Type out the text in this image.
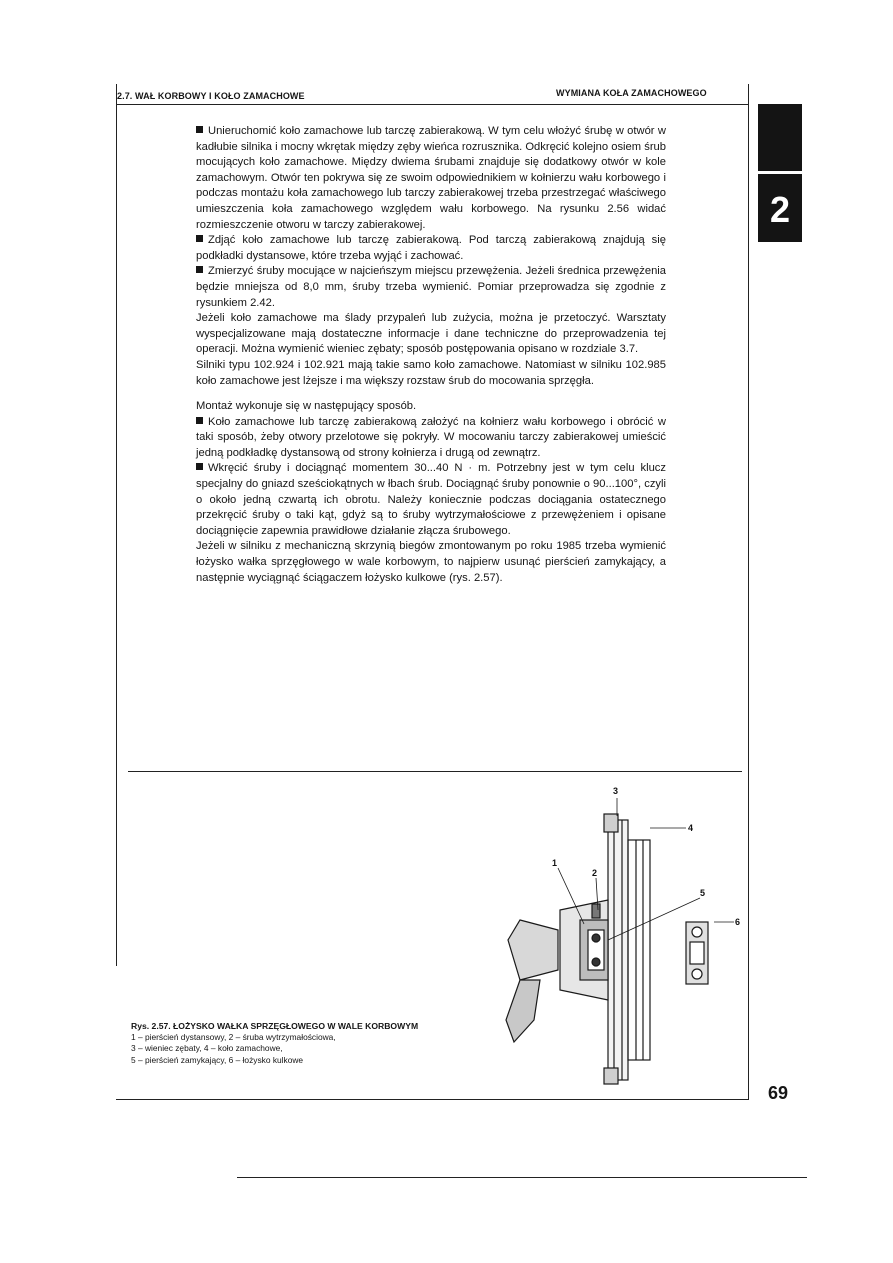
2.7. WAŁ KORBOWY I KOŁO ZAMACHOWE	WYMIANA KOŁA ZAMACHOWEGO
2

Unieruchomić koło zamachowe lub tarczę zabierakową. W tym celu włożyć śrubę w otwór w kadłubie silnika i mocny wkrętak między zęby wieńca rozrusznika. Odkręcić kolejno osiem śrub mocujących koło zamachowe. Między dwiema śrubami znajduje się dodatkowy otwór w kole zamachowym. Otwór ten pokrywa się ze swoim odpowiednikiem w kołnierzu wału korbowego i podczas montażu koła zamachowego lub tarczy zabierakowej trzeba przestrzegać właściwego umieszczenia koła zamachowego względem wału korbowego. Na rysunku 2.56 widać rozmieszczenie otworu w tarczy zabierakowej.

Zdjąć koło zamachowe lub tarczę zabierakową. Pod tarczą zabierakową znajdują się podkładki dystansowe, które trzeba wyjąć i zachować.

Zmierzyć śruby mocujące w najcieńszym miejscu przewężenia. Jeżeli średnica przewężenia będzie mniejsza od 8,0 mm, śruby trzeba wymienić. Pomiar przeprowadza się zgodnie z rysunkiem 2.42.

Jeżeli koło zamachowe ma ślady przypaleń lub zużycia, można je przetoczyć. Warsztaty wyspecjalizowane mają dostateczne informacje i dane techniczne do przeprowadzenia tej operacji. Można wymienić wieniec zębaty; sposób postępowania opisano w rozdziale 3.7.

Silniki typu 102.924 i 102.921 mają takie samo koło zamachowe. Natomiast w silniku 102.985 koło zamachowe jest lżejsze i ma większy rozstaw śrub do mocowania sprzęgła.

Montaż wykonuje się w następujący sposób.

Koło zamachowe lub tarczę zabierakową założyć na kołnierz wału korbowego i obrócić w taki sposób, żeby otwory przelotowe się pokryły. W mocowaniu tarczy zabierakowej umieścić jedną podkładkę dystansową od strony kołnierza i drugą od zewnątrz.

Wkręcić śruby i dociągnąć momentem 30...40 N · m. Potrzebny jest w tym celu klucz specjalny do gniazd sześciokątnych w łbach śrub. Dociągnąć śruby ponownie o 90...100°, czyli o około jedną czwartą ich obrotu. Należy koniecznie podczas dociągania ostatecznego przekręcić śruby o taki kąt, gdyż są to śruby wytrzymałościowe z przewężeniem i opisane dociągnięcie zapewnia prawidłowe działanie złącza śrubowego.

Jeżeli w silniku z mechaniczną skrzynią biegów zmontowanym po roku 1985 trzeba wymienić łożysko wałka sprzęgłowego w wale korbowym, to najpierw usunąć pierścień zamykający, a następnie wyciągnąć ściągaczem łożysko kulkowe (rys. 2.57).

1
2
3
4
5
6
Rys. 2.57. ŁOŻYSKO WAŁKA SPRZĘGŁOWEGO W WALE KORBOWYM
1 – pierścień dystansowy, 2 – śruba wytrzymałościowa,
3 – wieniec zębaty, 4 – koło zamachowe,
5 – pierścień zamykający, 6 – łożysko kulkowe
69
